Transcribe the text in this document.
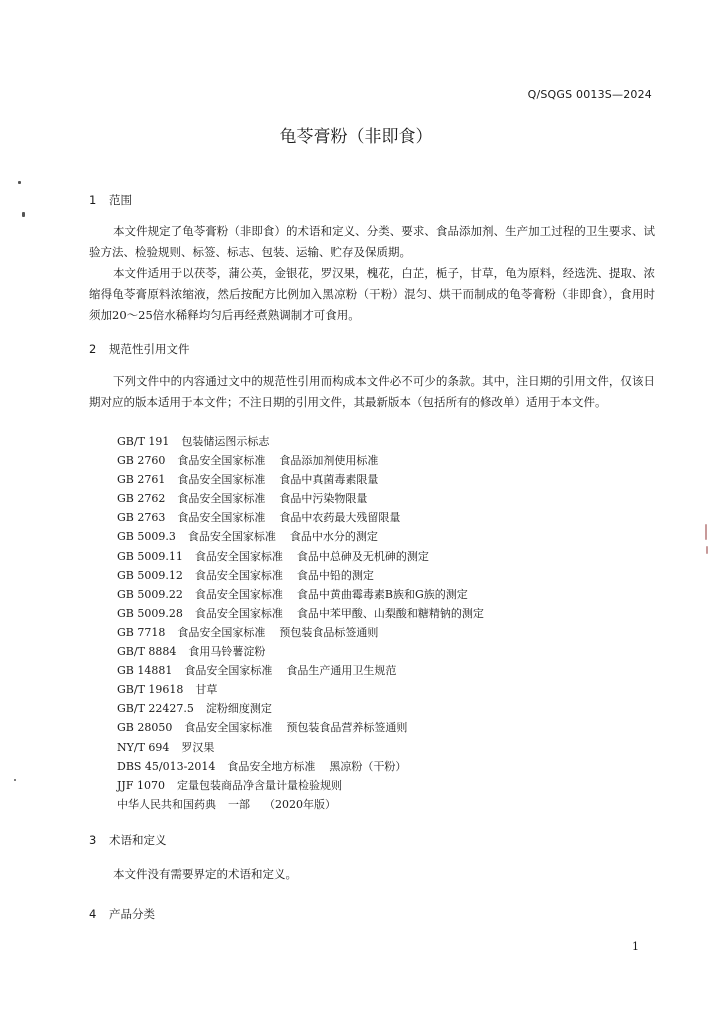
Q/SQGS 0013S—2024
龟苓膏粉（非即食）
1 范围
本文件规定了龟苓膏粉（非即食）的术语和定义、分类、要求、食品添加剂、生产加工过程的卫生要求、试验方法、检验规则、标签、标志、包装、运输、贮存及保质期。
本文件适用于以茯苓，蒲公英，金银花，罗汉果，槐花，白芷，栀子，甘草，龟为原料，经选洗、提取、浓缩得龟苓膏原料浓缩液，然后按配方比例加入黑凉粉（干粉）混匀、烘干而制成的龟苓膏粉（非即食），食用时须加20～25倍水稀释均匀后再经煮熟调制才可食用。
2 规范性引用文件
下列文件中的内容通过文中的规范性引用而构成本文件必不可少的条款。其中，注日期的引用文件，仅该日期对应的版本适用于本文件；不注日期的引用文件，其最新版本（包括所有的修改单）适用于本文件。
GB/T 191 包装储运图示标志
GB 2760 食品安全国家标准 食品添加剂使用标准
GB 2761 食品安全国家标准 食品中真菌毒素限量
GB 2762 食品安全国家标准 食品中污染物限量
GB 2763 食品安全国家标准 食品中农药最大残留限量
GB 5009.3 食品安全国家标准 食品中水分的测定
GB 5009.11 食品安全国家标准 食品中总砷及无机砷的测定
GB 5009.12 食品安全国家标准 食品中铅的测定
GB 5009.22 食品安全国家标准 食品中黄曲霉毒素B族和G族的测定
GB 5009.28 食品安全国家标准 食品中苯甲酸、山梨酸和糖精钠的测定
GB 7718 食品安全国家标准 预包装食品标签通则
GB/T 8884 食用马铃薯淀粉
GB 14881 食品安全国家标准 食品生产通用卫生规范
GB/T 19618 甘草
GB/T 22427.5 淀粉细度测定
GB 28050 食品安全国家标准 预包装食品营养标签通则
NY/T 694 罗汉果
DBS 45/013-2014 食品安全地方标准 黑凉粉（干粉）
JJF 1070 定量包装商品净含量计量检验规则
中华人民共和国药典 一部 （2020年版）
3 术语和定义
本文件没有需要界定的术语和定义。
4 产品分类
1
